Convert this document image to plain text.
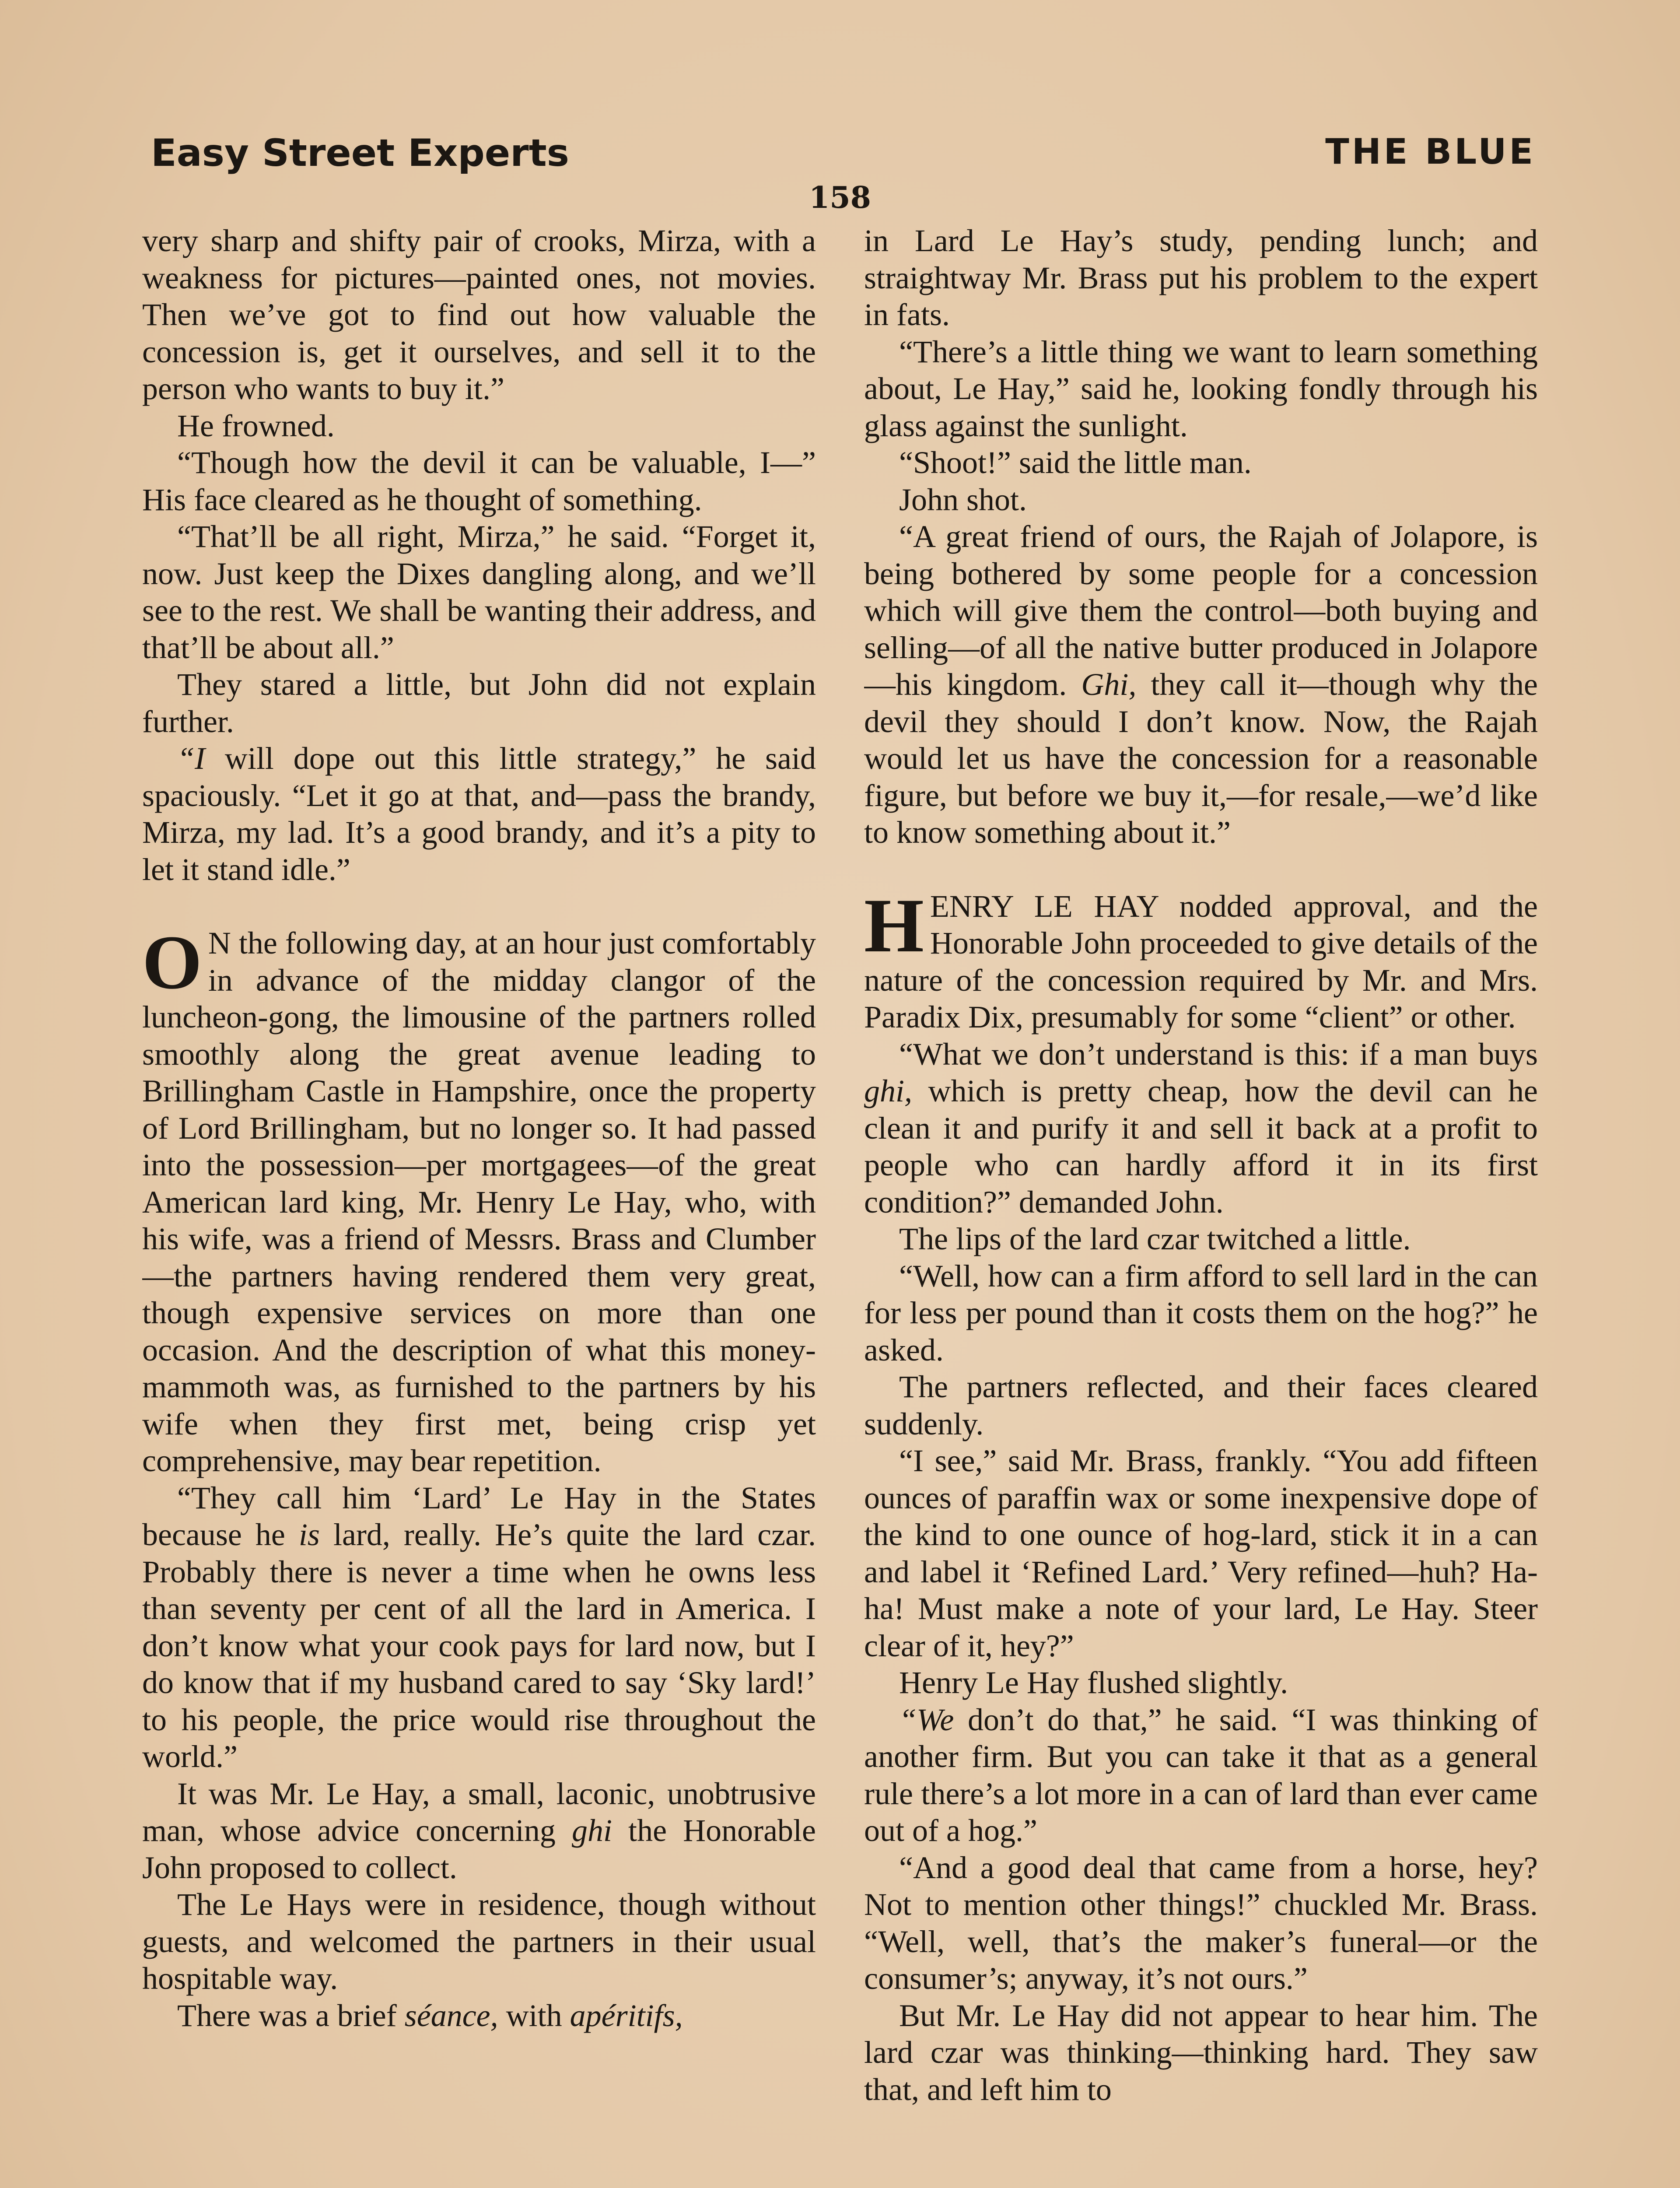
Easy Street Experts	THE BLUE
158

very sharp and shifty pair of crooks, Mirza, with a weakness for pictures—painted ones, not movies. Then we’ve got to find out how valuable the concession is, get it ourselves, and sell it to the person who wants to buy it.”

He frowned.

“Though how the devil it can be valuable, I—” His face cleared as he thought of something.

“That’ll be all right, Mirza,” he said. “Forget it, now. Just keep the Dixes dangling along, and we’ll see to the rest. We shall be wanting their address, and that’ll be about all.”

They stared a little, but John did not explain further.

“I will dope out this little strategy,” he said spaciously. “Let it go at that, and—pass the brandy, Mirza, my lad. It’s a good brandy, and it’s a pity to let it stand idle.”

O N the following day, at an hour just comfortably in advance of the midday clangor of the luncheon-gong, the limousine of the partners rolled smoothly along the great avenue leading to Brillingham Castle in Hampshire, once the property of Lord Brillingham, but no longer so. It had passed into the possession—per mortgagees—of the great American lard king, Mr. Henry Le Hay, who, with his wife, was a friend of Messrs. Brass and Clumber—the partners having rendered them very great, though expensive services on more than one occasion. And the description of what this money-mammoth was, as furnished to the partners by his wife when they first met, being crisp yet comprehensive, may bear repetition.

“They call him ‘Lard’ Le Hay in the States because he is lard, really. He’s quite the lard czar. Probably there is never a time when he owns less than seventy per cent of all the lard in America. I don’t know what your cook pays for lard now, but I do know that if my husband cared to say ‘Sky lard!’ to his people, the price would rise throughout the world.”

It was Mr. Le Hay, a small, laconic, unobtrusive man, whose advice concerning ghi the Honorable John proposed to collect.

The Le Hays were in residence, though without guests, and welcomed the partners in their usual hospitable way.

There was a brief séance, with apéritifs,

in Lard Le Hay’s study, pending lunch; and straightway Mr. Brass put his problem to the expert in fats.

“There’s a little thing we want to learn something about, Le Hay,” said he, looking fondly through his glass against the sunlight.

“Shoot!” said the little man.

John shot.

“A great friend of ours, the Rajah of Jolapore, is being bothered by some people for a concession which will give them the control—both buying and selling—of all the native butter produced in Jolapore—his kingdom. Ghi, they call it—though why the devil they should I don’t know. Now, the Rajah would let us have the concession for a reasonable figure, but before we buy it,—for resale,—we’d like to know something about it.”

HENRY LE HAY nodded approval, and the Honorable John proceeded to give details of the nature of the concession required by Mr. and Mrs. Paradix Dix, presumably for some “client” or other.

“What we don’t understand is this: if a man buys ghi, which is pretty cheap, how the devil can he clean it and purify it and sell it back at a profit to people who can hardly afford it in its first condition?” demanded John.

The lips of the lard czar twitched a little.

“Well, how can a firm afford to sell lard in the can for less per pound than it costs them on the hog?” he asked.

The partners reflected, and their faces cleared suddenly.

“I see,” said Mr. Brass, frankly. “You add fifteen ounces of paraffin wax or some inexpensive dope of the kind to one ounce of hog-lard, stick it in a can and label it ‘Refined Lard.’ Very refined—huh? Ha-ha! Must make a note of your lard, Le Hay. Steer clear of it, hey?”

Henry Le Hay flushed slightly.

“We don’t do that,” he said. “I was thinking of another firm. But you can take it that as a general rule there’s a lot more in a can of lard than ever came out of a hog.”

“And a good deal that came from a horse, hey? Not to mention other things!” chuckled Mr. Brass. “Well, well, that’s the maker’s funeral—or the consumer’s; anyway, it’s not ours.”

But Mr. Le Hay did not appear to hear him. The lard czar was thinking—thinking hard. They saw that, and left him to
